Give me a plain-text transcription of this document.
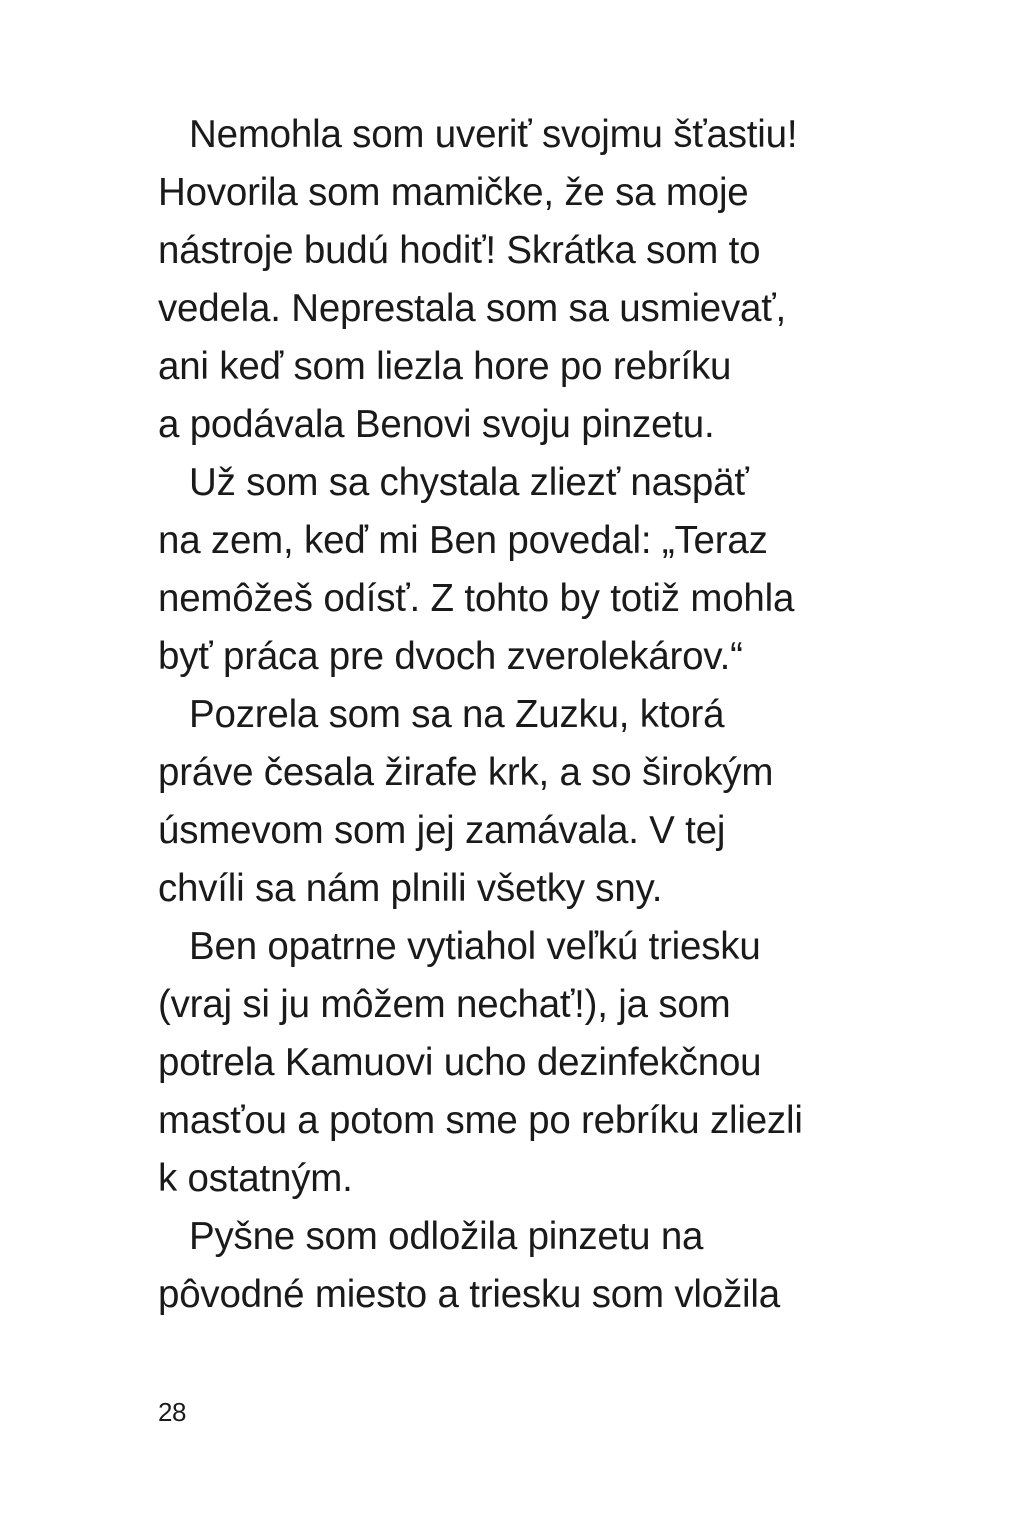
Nemohla som uveriť svojmu šťastiu!
Hovorila som mamičke, že sa moje
nástroje budú hodiť! Skrátka som to
vedela. Neprestala som sa usmievať,
ani keď som liezla hore po rebríku
a podávala Benovi svoju pinzetu.
Už som sa chystala zliezť naspäť
na zem, keď mi Ben povedal: „Teraz
nemôžeš odísť. Z tohto by totiž mohla
byť práca pre dvoch zverolekárov.“
Pozrela som sa na Zuzku, ktorá
práve česala žirafe krk, a so širokým
úsmevom som jej zamávala. V tej
chvíli sa nám plnili všetky sny.
Ben opatrne vytiahol veľkú triesku
(vraj si ju môžem nechať!), ja som
potrela Kamuovi ucho dezinfekčnou
masťou a potom sme po rebríku zliezli
k ostatným.
Pyšne som odložila pinzetu na
pôvodné miesto a triesku som vložila
28
